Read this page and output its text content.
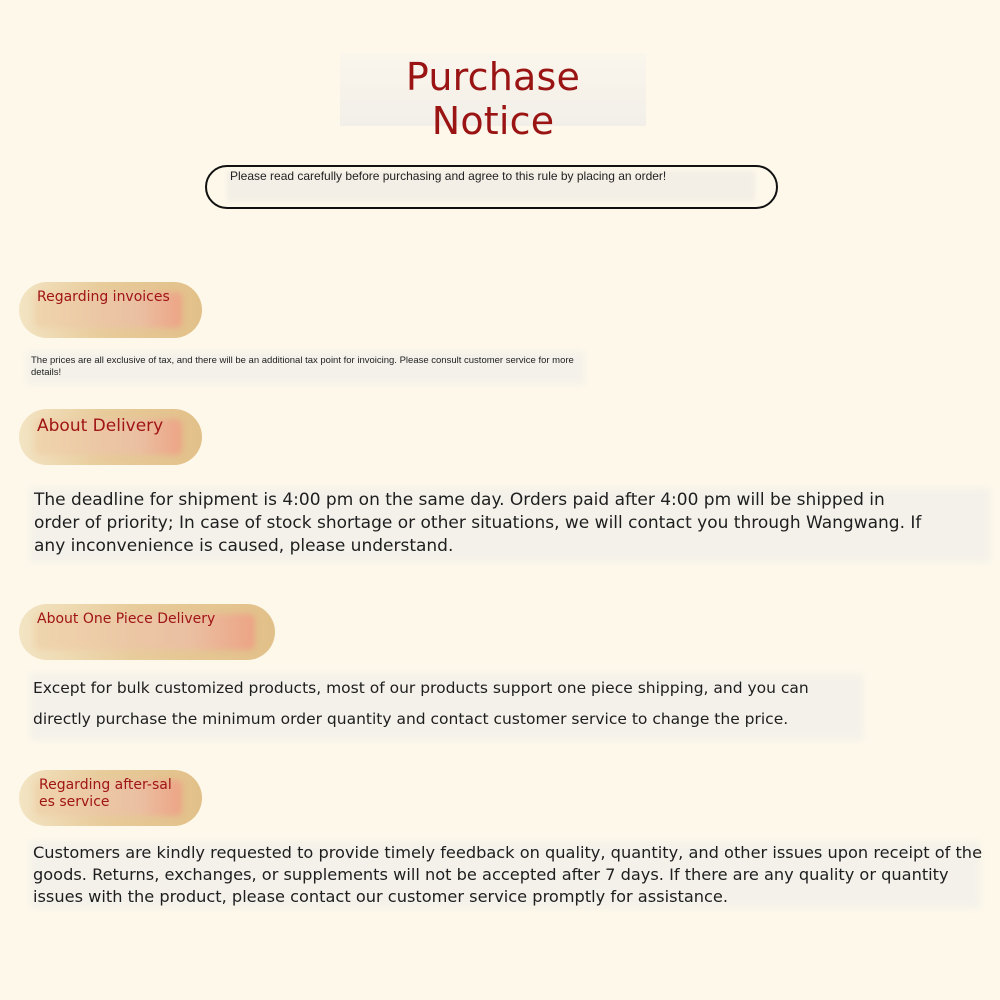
Purchase Notice
Please read carefully before purchasing and agree to this rule by placing an order!
Regarding invoices
The prices are all exclusive of tax, and there will be an additional tax point for invoicing. Please consult customer service for more details!
About Delivery
The deadline for shipment is 4:00 pm on the same day. Orders paid after 4:00 pm will be shipped in order of priority; In case of stock shortage or other situations, we will contact you through Wangwang. If any inconvenience is caused, please understand.
About One Piece Delivery
Except for bulk customized products, most of our products support one piece shipping, and you can directly purchase the minimum order quantity and contact customer service to change the price.
Regarding after-sales service
Customers are kindly requested to provide timely feedback on quality, quantity, and other issues upon receipt of the goods. Returns, exchanges, or supplements will not be accepted after 7 days. If there are any quality or quantity issues with the product, please contact our customer service promptly for assistance.
